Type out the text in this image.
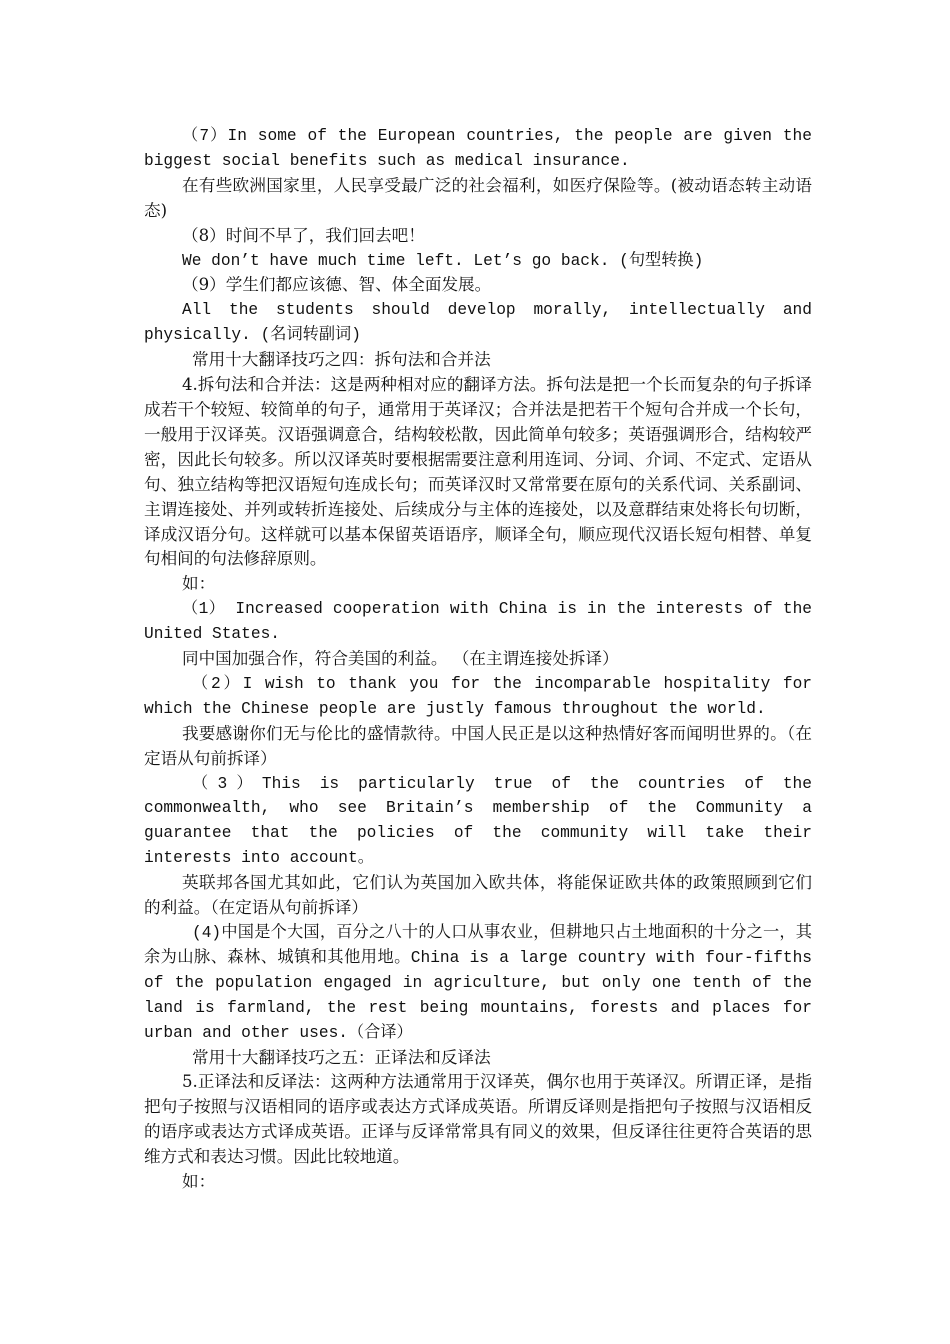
（7）In some of the European countries, the people are given the biggest social benefits such as medical insurance.

在有些欧洲国家里，人民享受最广泛的社会福利，如医疗保险等。(被动语态转主动语态)

（8）时间不早了，我们回去吧！

We don’t have much time left. Let’s go back. (句型转换)

（9）学生们都应该德、智、体全面发展。

All the students should develop morally, intellectually and physically. (名词转副词)

常用十大翻译技巧之四：拆句法和合并法

4.拆句法和合并法：这是两种相对应的翻译方法。拆句法是把一个长而复杂的句子拆译成若干个较短、较简单的句子，通常用于英译汉；合并法是把若干个短句合并成一个长句，一般用于汉译英。汉语强调意合，结构较松散，因此简单句较多；英语强调形合，结构较严密，因此长句较多。所以汉译英时要根据需要注意利用连词、分词、介词、不定式、定语从句、独立结构等把汉语短句连成长句；而英译汉时又常常要在原句的关系代词、关系副词、主谓连接处、并列或转折连接处、后续成分与主体的连接处，以及意群结束处将长句切断，译成汉语分句。这样就可以基本保留英语语序，顺译全句，顺应现代汉语长短句相替、单复句相间的句法修辞原则。

如：

（1） Increased cooperation with China is in the interests of the United States.

同中国加强合作，符合美国的利益。 （在主谓连接处拆译）

（2）I wish to thank you for the incomparable hospitality for which the Chinese people are justly famous throughout the world.

我要感谢你们无与伦比的盛情款待。中国人民正是以这种热情好客而闻明世界的。（在定语从句前拆译）

（3）This is particularly true of the countries of the commonwealth, who see Britain’s membership of the Community a guarantee that the policies of the community will take their interests into account。

英联邦各国尤其如此，它们认为英国加入欧共体，将能保证欧共体的政策照顾到它们的利益。（在定语从句前拆译）

(4)中国是个大国，百分之八十的人口从事农业，但耕地只占土地面积的十分之一，其余为山脉、森林、城镇和其他用地。China is a large country with four-fifths of the population engaged in agriculture, but only one tenth of the land is farmland, the rest being mountains, forests and places for urban and other uses.（合译）

常用十大翻译技巧之五：正译法和反译法

5.正译法和反译法：这两种方法通常用于汉译英，偶尔也用于英译汉。所谓正译，是指把句子按照与汉语相同的语序或表达方式译成英语。所谓反译则是指把句子按照与汉语相反的语序或表达方式译成英语。正译与反译常常具有同义的效果，但反译往往更符合英语的思维方式和表达习惯。因此比较地道。

如：
